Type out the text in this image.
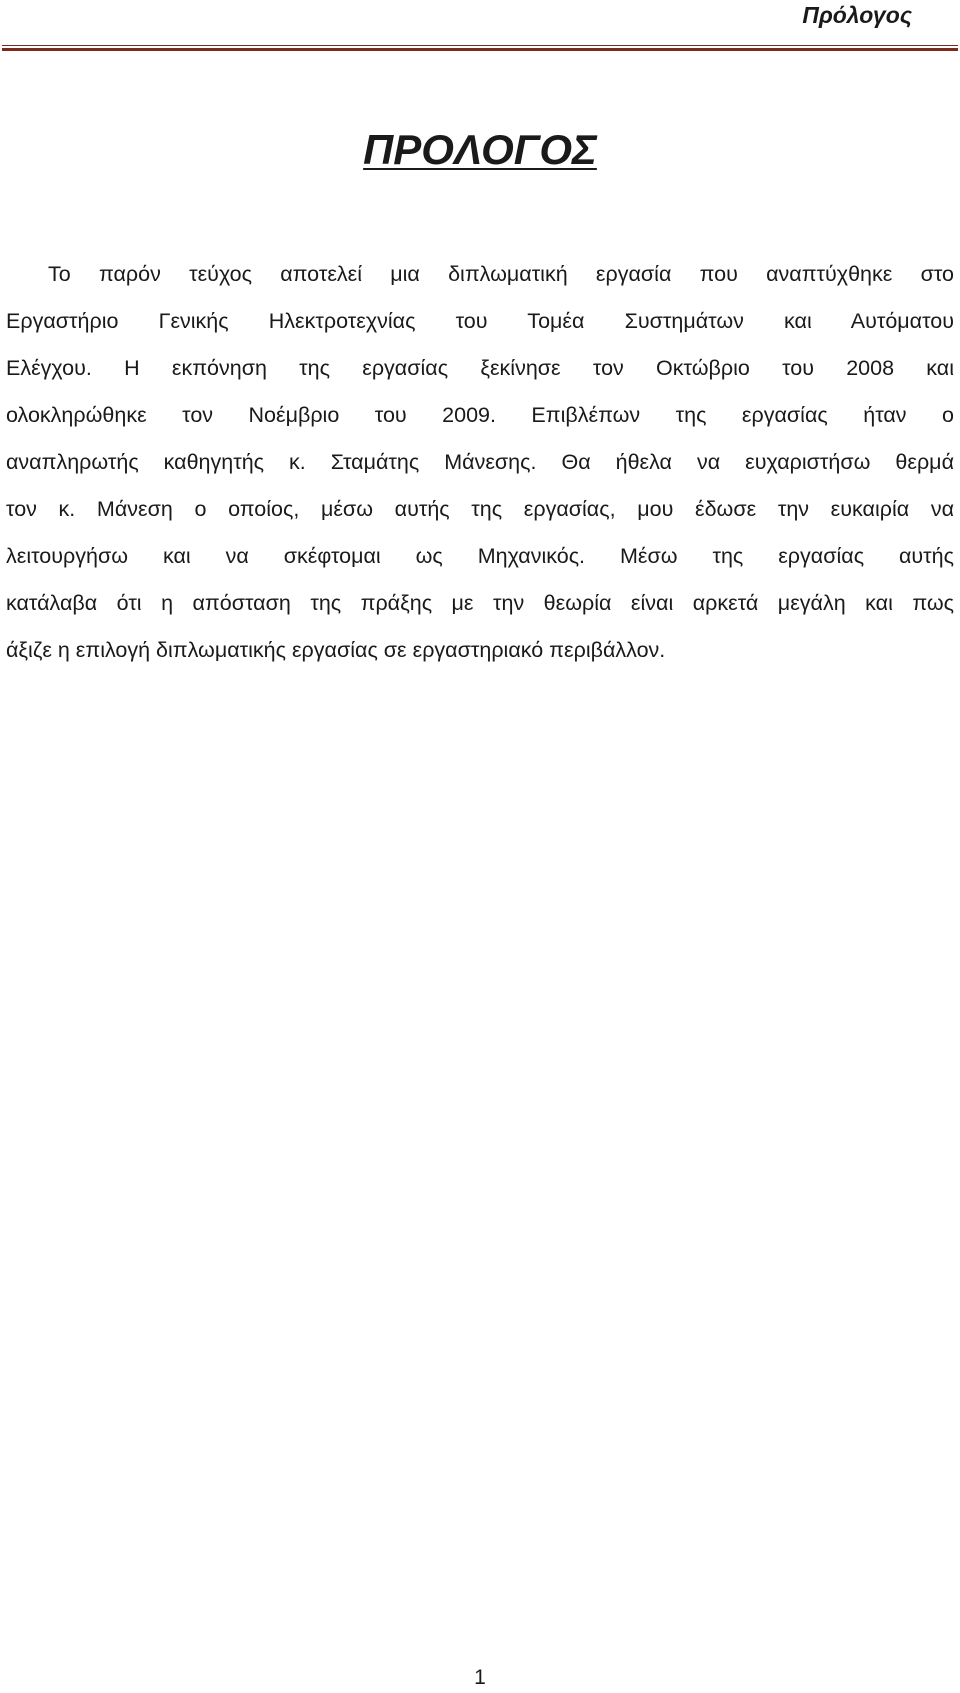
Πρόλογος
ΠΡΟΛΟΓΟΣ
Το παρόν τεύχος αποτελεί μια διπλωματική εργασία που αναπτύχθηκε στο
Εργαστήριο Γενικής Ηλεκτροτεχνίας του Τομέα Συστημάτων και Αυτόματου
Ελέγχου. Η εκπόνηση της εργασίας ξεκίνησε τον Οκτώβριο του 2008 και
ολοκληρώθηκε τον Νοέμβριο του 2009. Επιβλέπων της εργασίας ήταν ο
αναπληρωτής καθηγητής κ. Σταμάτης Μάνεσης. Θα ήθελα να ευχαριστήσω θερμά
τον κ. Μάνεση ο οποίος, μέσω αυτής της εργασίας, μου έδωσε την ευκαιρία να
λειτουργήσω και να σκέφτομαι ως Μηχανικός. Μέσω της εργασίας αυτής
κατάλαβα ότι η απόσταση της πράξης με την θεωρία είναι αρκετά μεγάλη και πως
άξιζε η επιλογή διπλωματικής εργασίας σε εργαστηριακό περιβάλλον.
1
